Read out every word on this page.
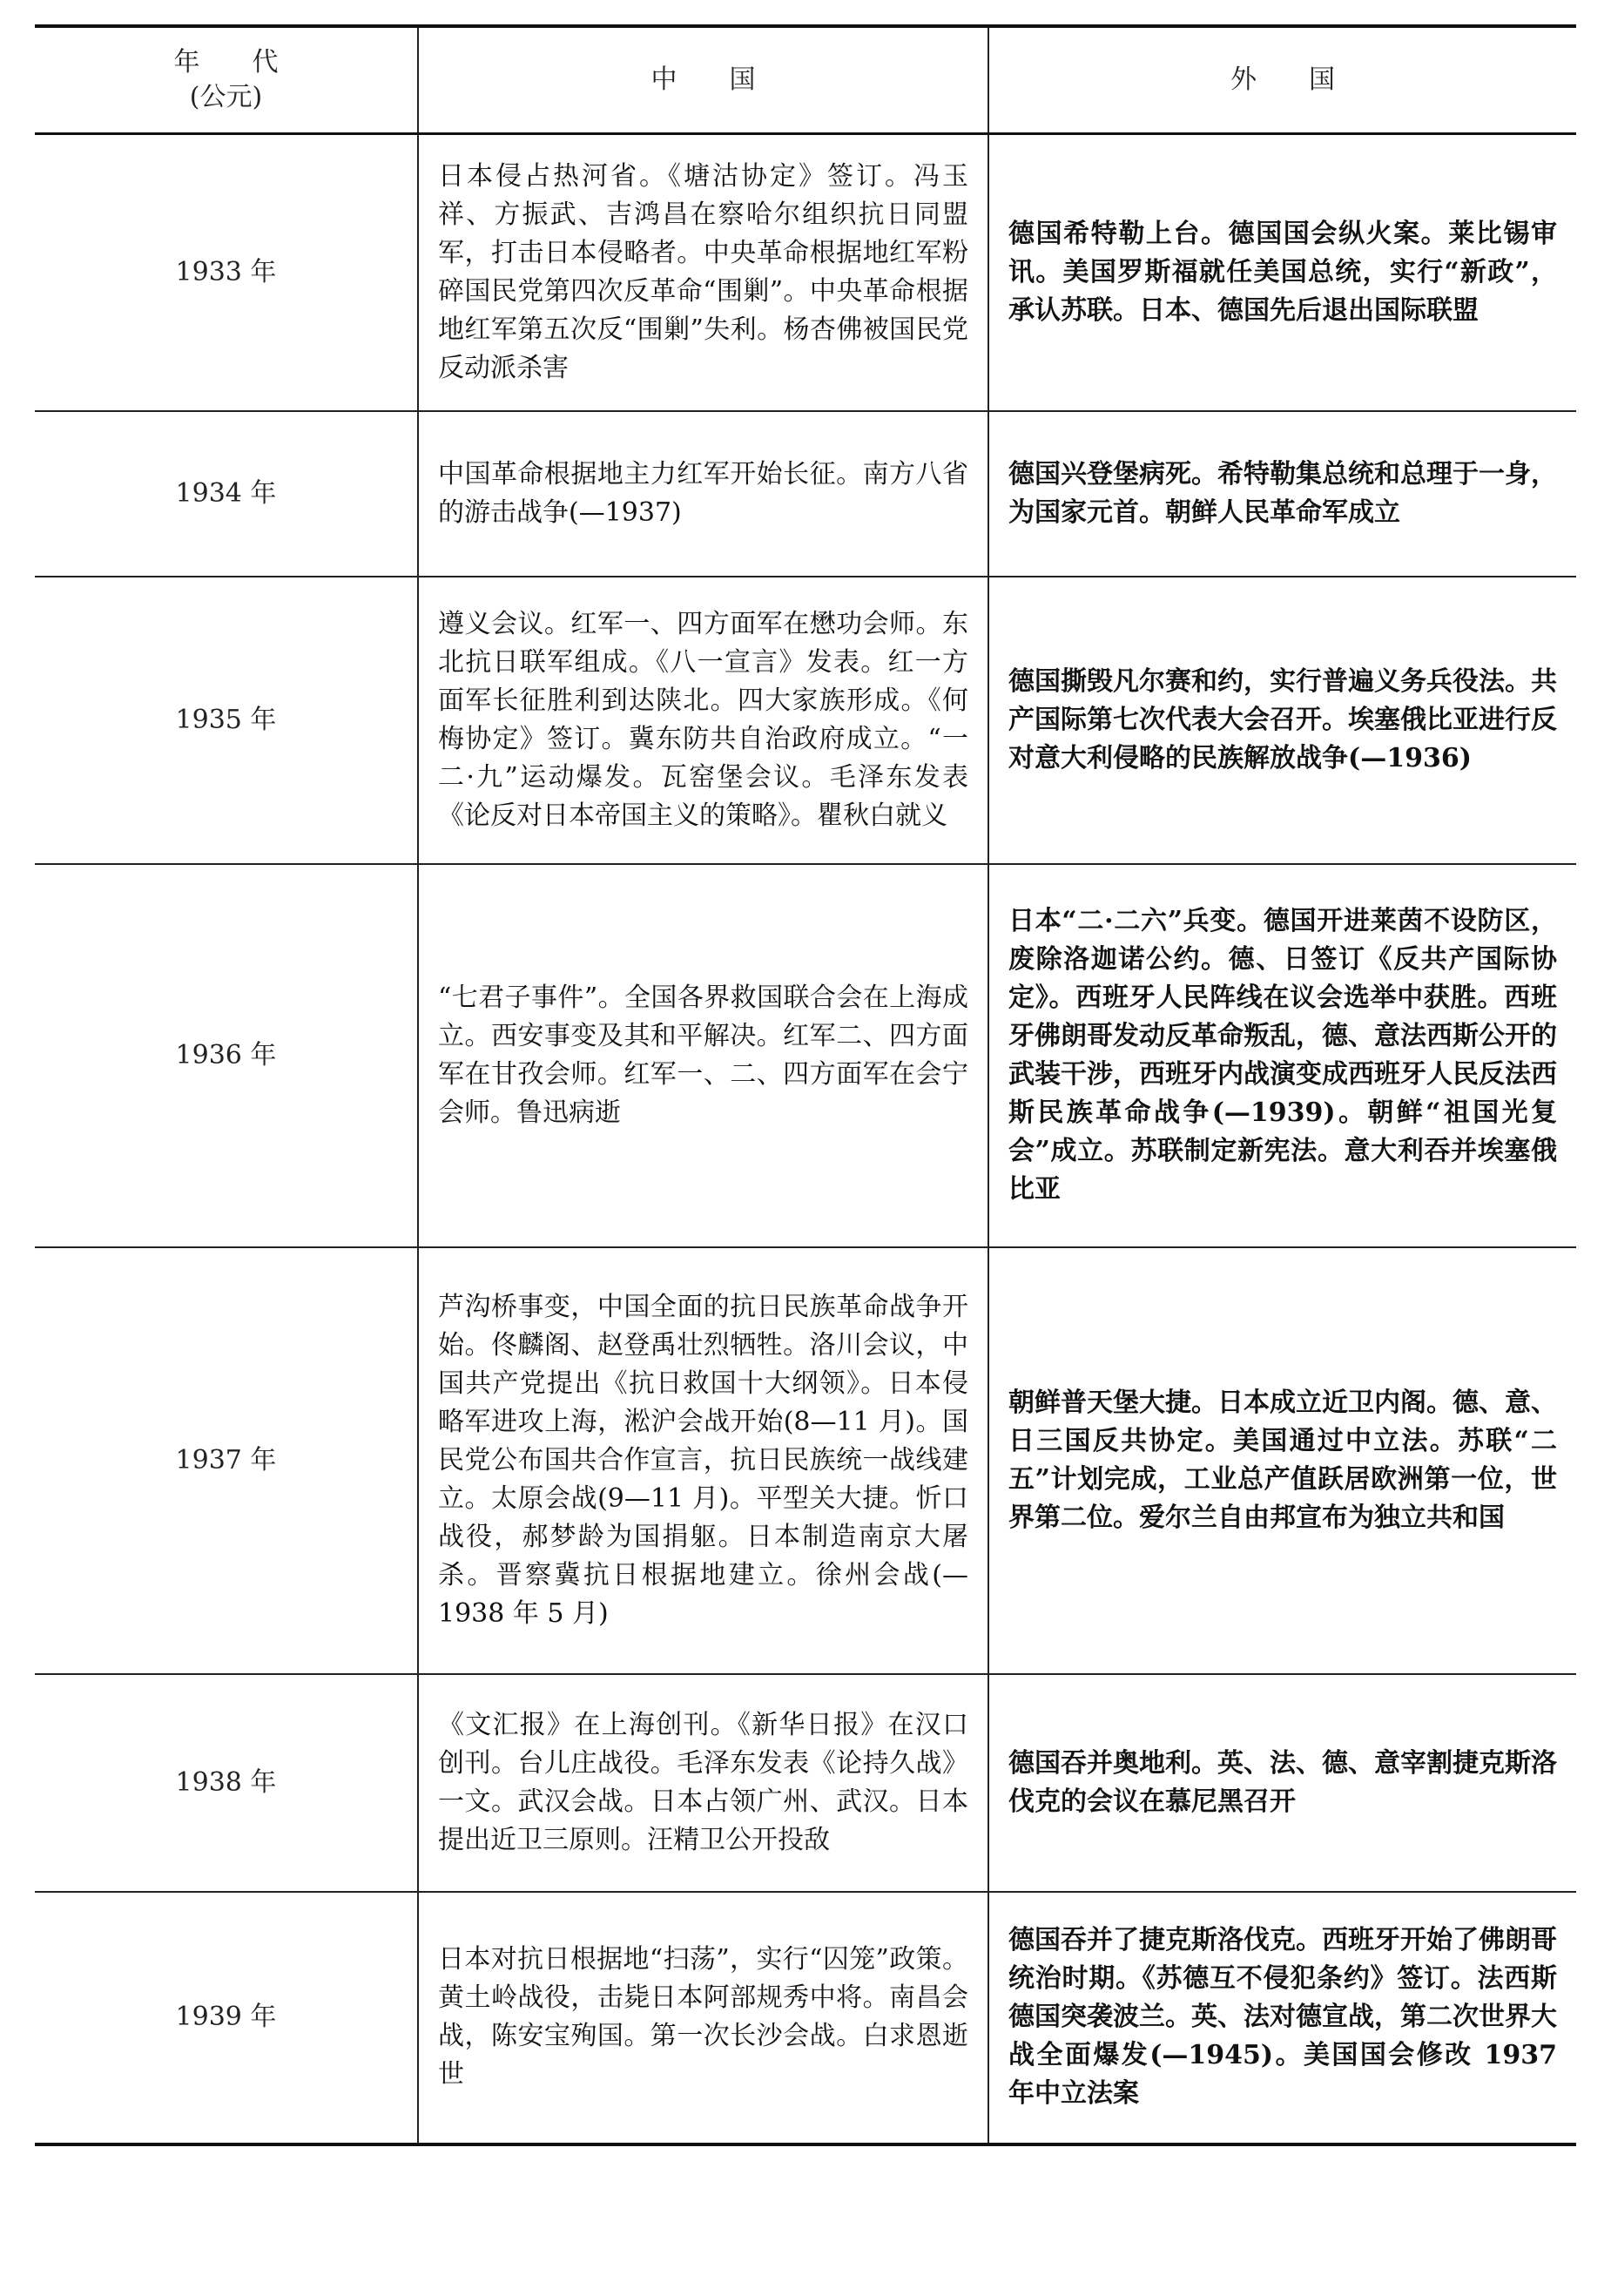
年　　代
(公元)	中　　国	外　　国
1933 年	日本侵占热河省。《塘沽协定》签订。冯玉祥、方振武、吉鸿昌在察哈尔组织抗日同盟军，打击日本侵略者。中央革命根据地红军粉碎国民党第四次反革命“围剿”。中央革命根据地红军第五次反“围剿”失利。杨杏佛被国民党反动派杀害	德国希特勒上台。德国国会纵火案。莱比锡审讯。美国罗斯福就任美国总统，实行“新政”，承认苏联。日本、德国先后退出国际联盟
1934 年	中国革命根据地主力红军开始长征。南方八省的游击战争(—1937)	德国兴登堡病死。希特勒集总统和总理于一身，为国家元首。朝鲜人民革命军成立
1935 年	遵义会议。红军一、四方面军在懋功会师。东北抗日联军组成。《八一宣言》发表。红一方面军长征胜利到达陕北。四大家族形成。《何梅协定》签订。冀东防共自治政府成立。“一二·九”运动爆发。瓦窑堡会议。毛泽东发表《论反对日本帝国主义的策略》。瞿秋白就义	德国撕毁凡尔赛和约，实行普遍义务兵役法。共产国际第七次代表大会召开。埃塞俄比亚进行反对意大利侵略的民族解放战争(—1936)
1936 年	“七君子事件”。全国各界救国联合会在上海成立。西安事变及其和平解决。红军二、四方面军在甘孜会师。红军一、二、四方面军在会宁会师。鲁迅病逝	日本“二·二六”兵变。德国开进莱茵不设防区，废除洛迦诺公约。德、日签订《反共产国际协定》。西班牙人民阵线在议会选举中获胜。西班牙佛朗哥发动反革命叛乱，德、意法西斯公开的武装干涉，西班牙内战演变成西班牙人民反法西斯民族革命战争(—1939)。朝鲜“祖国光复会”成立。苏联制定新宪法。意大利吞并埃塞俄比亚
1937 年	芦沟桥事变，中国全面的抗日民族革命战争开始。佟麟阁、赵登禹壮烈牺牲。洛川会议，中国共产党提出《抗日救国十大纲领》。日本侵略军进攻上海，淞沪会战开始(8—11 月)。国民党公布国共合作宣言，抗日民族统一战线建立。太原会战(9—11 月)。平型关大捷。忻口战役，郝梦龄为国捐躯。日本制造南京大屠杀。晋察冀抗日根据地建立。徐州会战(—1938 年 5 月)	朝鲜普天堡大捷。日本成立近卫内阁。德、意、日三国反共协定。美国通过中立法。苏联“二五”计划完成，工业总产值跃居欧洲第一位，世界第二位。爱尔兰自由邦宣布为独立共和国
1938 年	《文汇报》在上海创刊。《新华日报》在汉口创刊。台儿庄战役。毛泽东发表《论持久战》一文。武汉会战。日本占领广州、武汉。日本提出近卫三原则。汪精卫公开投敌	德国吞并奥地利。英、法、德、意宰割捷克斯洛伐克的会议在慕尼黑召开
1939 年	日本对抗日根据地“扫荡”，实行“囚笼”政策。黄土岭战役，击毙日本阿部规秀中将。南昌会战，陈安宝殉国。第一次长沙会战。白求恩逝世	德国吞并了捷克斯洛伐克。西班牙开始了佛朗哥统治时期。《苏德互不侵犯条约》签订。法西斯德国突袭波兰。英、法对德宣战，第二次世界大战全面爆发(—1945)。美国国会修改 1937 年中立法案
